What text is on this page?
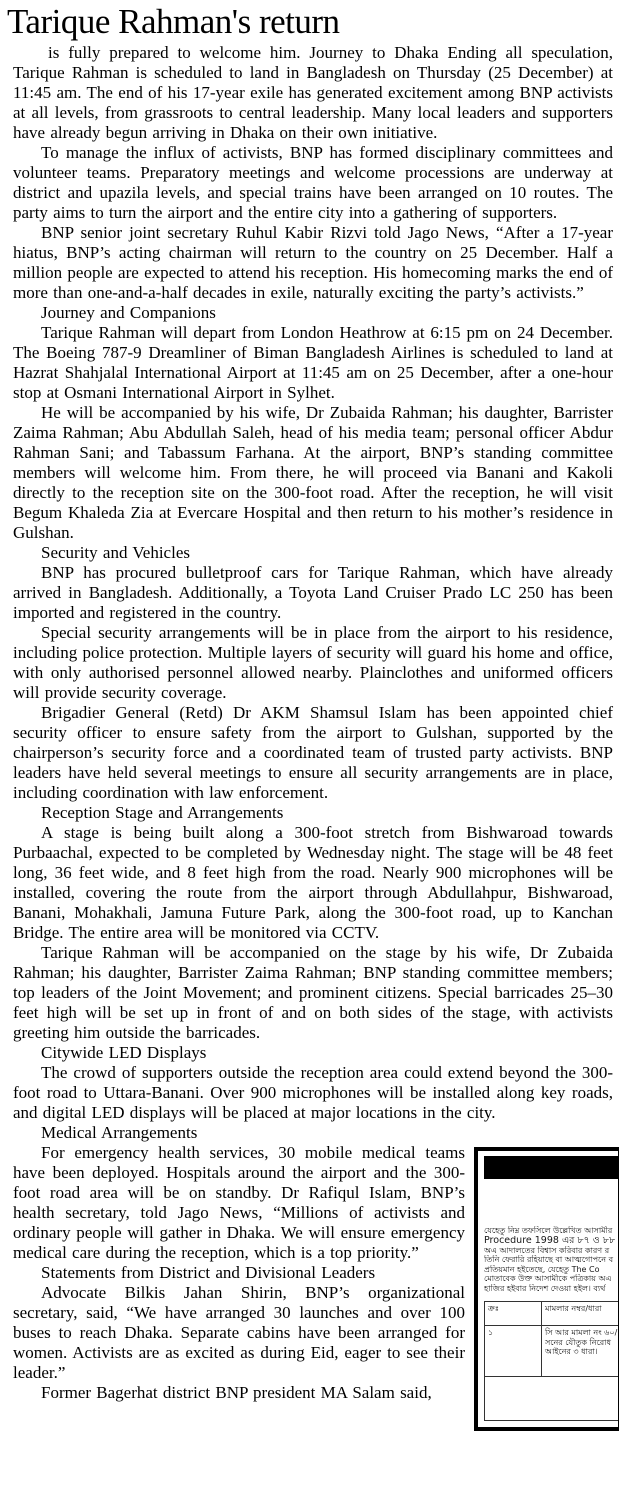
Tarique Rahman's return

is fully prepared to welcome him. Journey to Dhaka Ending all speculation, Tarique Rahman is scheduled to land in Bangladesh on Thursday (25 December) at 11:45 am. The end of his 17-year exile has generated excitement among BNP activists at all levels, from grassroots to central leadership. Many local leaders and supporters have already begun arriving in Dhaka on their own initiative.

To manage the influx of activists, BNP has formed disciplinary committees and volunteer teams. Preparatory meetings and welcome processions are underway at district and upazila levels, and special trains have been arranged on 10 routes. The party aims to turn the airport and the entire city into a gathering of supporters.

BNP senior joint secretary Ruhul Kabir Rizvi told Jago News, “After a 17-year hiatus, BNP’s acting chairman will return to the country on 25 December. Half a million people are expected to attend his reception. His homecoming marks the end of more than one-and-a-half decades in exile, naturally exciting the party’s activists.”

Journey and Companions

Tarique Rahman will depart from London Heathrow at 6:15 pm on 24 December. The Boeing 787-9 Dreamliner of Biman Bangladesh Airlines is scheduled to land at Hazrat Shahjalal International Airport at 11:45 am on 25 December, after a one-hour stop at Osmani International Airport in Sylhet.

He will be accompanied by his wife, Dr Zubaida Rahman; his daughter, Barrister Zaima Rahman; Abu Abdullah Saleh, head of his media team; personal officer Abdur Rahman Sani; and Tabassum Farhana. At the airport, BNP’s standing committee members will welcome him. From there, he will proceed via Banani and Kakoli directly to the reception site on the 300-foot road. After the reception, he will visit Begum Khaleda Zia at Evercare Hospital and then return to his mother’s residence in Gulshan.

Security and Vehicles

BNP has procured bulletproof cars for Tarique Rahman, which have already arrived in Bangladesh. Additionally, a Toyota Land Cruiser Prado LC 250 has been imported and registered in the country.

Special security arrangements will be in place from the airport to his residence, including police protection. Multiple layers of security will guard his home and office, with only authorised personnel allowed nearby. Plainclothes and uniformed officers will provide security coverage.

Brigadier General (Retd) Dr AKM Shamsul Islam has been appointed chief security officer to ensure safety from the airport to Gulshan, supported by the chairperson’s security force and a coordinated team of trusted party activists. BNP leaders have held several meetings to ensure all security arrangements are in place, including coordination with law enforcement.

Reception Stage and Arrangements

A stage is being built along a 300-foot stretch from Bishwaroad towards Purbaachal, expected to be completed by Wednesday night. The stage will be 48 feet long, 36 feet wide, and 8 feet high from the road. Nearly 900 microphones will be installed, covering the route from the airport through Abdullahpur, Bishwaroad, Banani, Mohakhali, Jamuna Future Park, along the 300-foot road, up to Kanchan Bridge. The entire area will be monitored via CCTV.

Tarique Rahman will be accompanied on the stage by his wife, Dr Zubaida Rahman; his daughter, Barrister Zaima Rahman; BNP standing committee members; top leaders of the Joint Movement; and prominent citizens. Special barricades 25–30 feet high will be set up in front of and on both sides of the stage, with activists greeting him outside the barricades.

Citywide LED Displays

The crowd of supporters outside the reception area could extend beyond the 300-foot road to Uttara-Banani. Over 900 microphones will be installed along key roads, and digital LED displays will be placed at major locations in the city.

Medical Arrangements

যেহেতু নিম্ন তফসিলে উল্লেখিত আসামীর
Procedure 1998 এর ৮৭ ও ৮৮
অএ আদালতের বিশ্বাস করিবার কারণ র
তিনি ফেরারি রহিয়াছে বা আত্মগোপনে ব
প্রতিয়মান হইতেছে, যেহেতু The Co
মোতাবেক উক্ত আসামীকে পত্রিকায় অএ
হাজির হইবার নিদেশ দেওয়া হইল। ব্যর্থ
ক্রঃ	মামলার নম্বর/ধারা
১	সি আর মামলা নং ৬০/ সনের যৌতুক নিরোধ আইনের ৩ ধারা।

For emergency health services, 30 mobile medical teams have been deployed. Hospitals around the airport and the 300-foot road area will be on standby. Dr Rafiqul Islam, BNP’s health secretary, told Jago News, “Millions of activists and ordinary people will gather in Dhaka. We will ensure emergency medical care during the reception, which is a top priority.”

Statements from District and Divisional Leaders

Advocate Bilkis Jahan Shirin, BNP’s organizational secretary, said, “We have arranged 30 launches and over 100 buses to reach Dhaka. Separate cabins have been arranged for women. Activists are as excited as during Eid, eager to see their leader.”

Former Bagerhat district BNP president MA Salam said,
